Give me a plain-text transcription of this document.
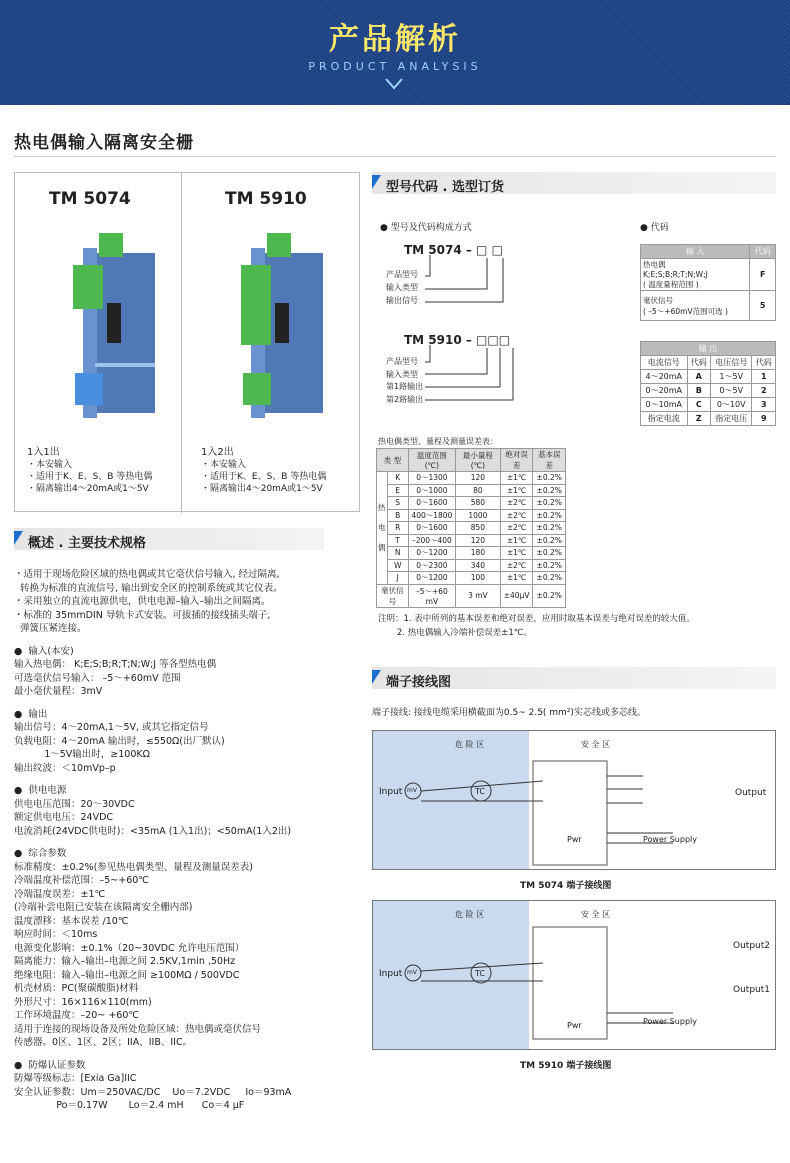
产品解析
PRODUCT ANALYSIS
热电偶输入隔离安全栅
TM 5074	TM 5910
1入1出
・本安输入
・适用于K、E、S、B 等热电偶
・隔离输出4～20mA或1～5V
1入2出
・本安输入
・适用于K、E、S、B 等热电偶
・隔离输出4～20mA或1～5V
概述 . 主要技术规格
・适用于现场危险区域的热电偶或其它毫伏信号输入, 经过隔离,
转换为标准的直流信号, 输出到安全区的控制系统或其它仪表。
・采用独立的直流电源供电，供电电源–输入–输出之间隔离。
・标准的 35mmDIN 导轨卡式安装。可拔插的接线插头端子,
弹簧压紧连接。
●  输入(本安)
输入热电偶： K;E;S;B;R;T;N;W;J 等各型热电偶
可选毫伏信号输入： –5～+60mV 范围
最小毫伏量程：3mV
●  输出
输出信号：4～20mA,1～5V, 或其它指定信号
负载电阻：4～20mA 输出时，≤550Ω(出厂默认)
1～5V输出时，≥100KΩ
输出纹波：＜10mVp–p
●  供电电源
供电电压范围：20～30VDC
额定供电电压：24VDC
电流消耗(24VDC供电时)：<35mA (1入1出)；<50mA(1入2出)
●  综合参数
标准精度：±0.2%(参见热电偶类型、量程及测量误差表)
冷端温度补偿范围：–5~+60℃
冷端温度误差：±1℃
(冷端补尝电阻已安装在该隔离安全栅内部)
温度漂移：基本误差 /10℃
响应时间：＜10ms
电源变化影响：±0.1%（20~30VDC 允许电压范围）
隔离能力：输入–输出–电源之间 2.5KV,1min ,50Hz
绝缘电阻：输入–输出–电源之间 ≥100MΩ / 500VDC
机壳材质：PC(聚碳酸脂)材料
外形尺寸：16×116×110(mm)
工作环境温度：–20~ +60℃
适用于连接的现场设备及所处危险区域：热电偶或毫伏信号
传感器。0区、1区、2区；IIA、IIB、IIC。
●  防爆认证参数
防爆等级标志：[Exia Ga]IIC
安全认证参数：Um＝250VAC/DC    Uo＝7.2VDC     Io＝93mA
Po＝0.17W       Lo＝2.4 mH      Co＝4 μF
型号代码 . 选型订货
● 型号及代码构成方式	● 代码
TM 5074 – □ □
产品型号
输入类型
输出信号
TM 5910 – □□□
产品型号
输入类型
第1路输出
第2路输出
输 入	代码
热电偶
K;E;S;B;R;T;N;W;J
( 温度量程范围 )	F
毫伏信号
( –5～+60mV范围可选 )	5
输 出			
电流信号	代码	电压信号	代码
4～20mA	A	1～5V	1
0～20mA	B	0～5V	2
0～10mA	C	0～10V	3
指定电流	Z	指定电压	9
热电偶类型、量程及测量误差表：
类 型		温度范围(℃)	最小量程(℃)	绝对误差	基本误差
热

电

偶	K	0～1300	120	±1℃	±0.2%
	E	0～1000	80	±1℃	±0.2%
	S	0～1600	580	±2℃	±0.2%
	B	400～1800	1000	±2℃	±0.2%
	R	0～1600	850	±2℃	±0.2%
	T	–200～400	120	±1℃	±0.2%
	N	0～1200	180	±1℃	±0.2%
	W	0～2300	340	±2℃	±0.2%
	J	0～1200	100	±1℃	±0.2%
毫伏信号		–5～+60 mV	3 mV	±40μV	±0.2%
注明：1. 表中所列的基本误差和绝对误差，应用时取基本误差与绝对误差的较大值。
2. 热电偶输入冷端补偿误差±1℃。
端子接线图
端子接线: 接线电缆采用横截面为0.5~ 2.5( mm²)实芯线或多芯线。
危 险 区	安 全 区
Input mV	TC	Output
Power Supply
Pwr
TM 5074 端子接线图
危 险 区	安 全 区
Input mV	TC
Output2
Output1
Power Supply
Pwr
TM 5910 端子接线图
